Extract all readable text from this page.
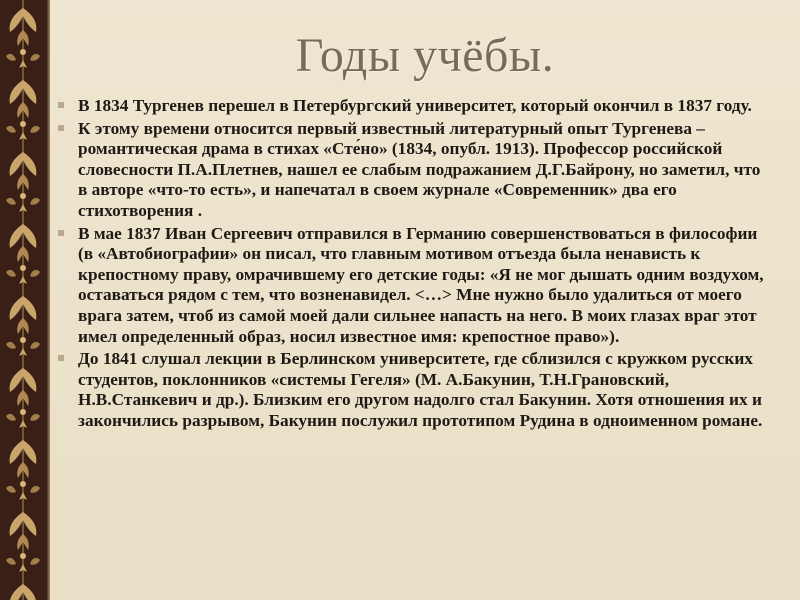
Годы учёбы.
В 1834 Тургенев перешел в Петербургский университет, который окончил в 1837 году.
К этому времени относится первый известный литературный опыт Тургенева – романтическая драма в стихах «Сте́но» (1834, опубл. 1913). Профессор российской словесности П.А.Плетнев, нашел ее слабым подражанием Д.Г.Байрону, но заметил, что в авторе «что-то есть», и напечатал в своем журнале «Современник» два его стихотворения .
В мае 1837 Иван Сергеевич отправился в Германию совершенствоваться в философии (в «Автобиографии» он писал, что главным мотивом отъезда была ненависть к крепостному праву, омрачившему его детские годы: «Я не мог дышать одним воздухом, оставаться рядом с тем, что возненавидел. <…> Мне нужно было удалиться от моего врага затем, чтоб из самой моей дали сильнее напасть на него. В моих глазах враг этот имел определенный образ, носил известное имя: крепостное право»).
До 1841 слушал лекции в Берлинском университете, где сблизился с кружком русских студентов, поклонников «системы Гегеля» (М. А.Бакунин, Т.Н.Грановский, Н.В.Станкевич и др.). Близким его другом надолго стал Бакунин. Хотя отношения их и закончились разрывом, Бакунин послужил прототипом Рудина в одноименном романе.
